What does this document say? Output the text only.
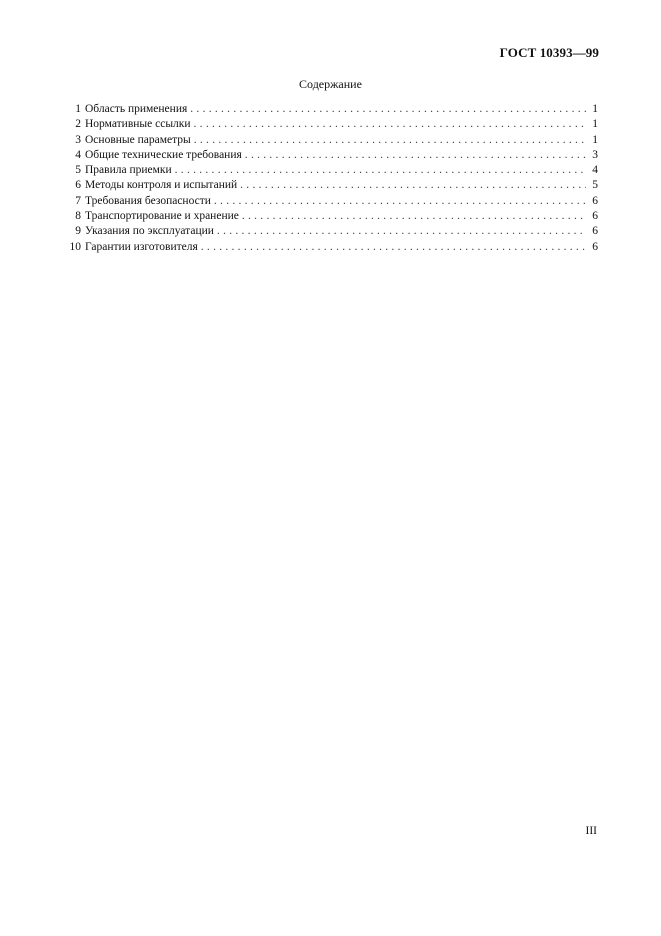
ГОСТ 10393—99
Содержание
1 Область применения . . .	1
2 Нормативные ссылки . . .	1
3 Основные параметры . . .	1
4 Общие технические требования . . .	3
5 Правила приемки . . .	4
6 Методы контроля и испытаний . . .	5
7 Требования безопасности . . .	6
8 Транспортирование и хранение . . .	6
9 Указания по эксплуатации . . .	6
10 Гарантии изготовителя . . .	6
III
